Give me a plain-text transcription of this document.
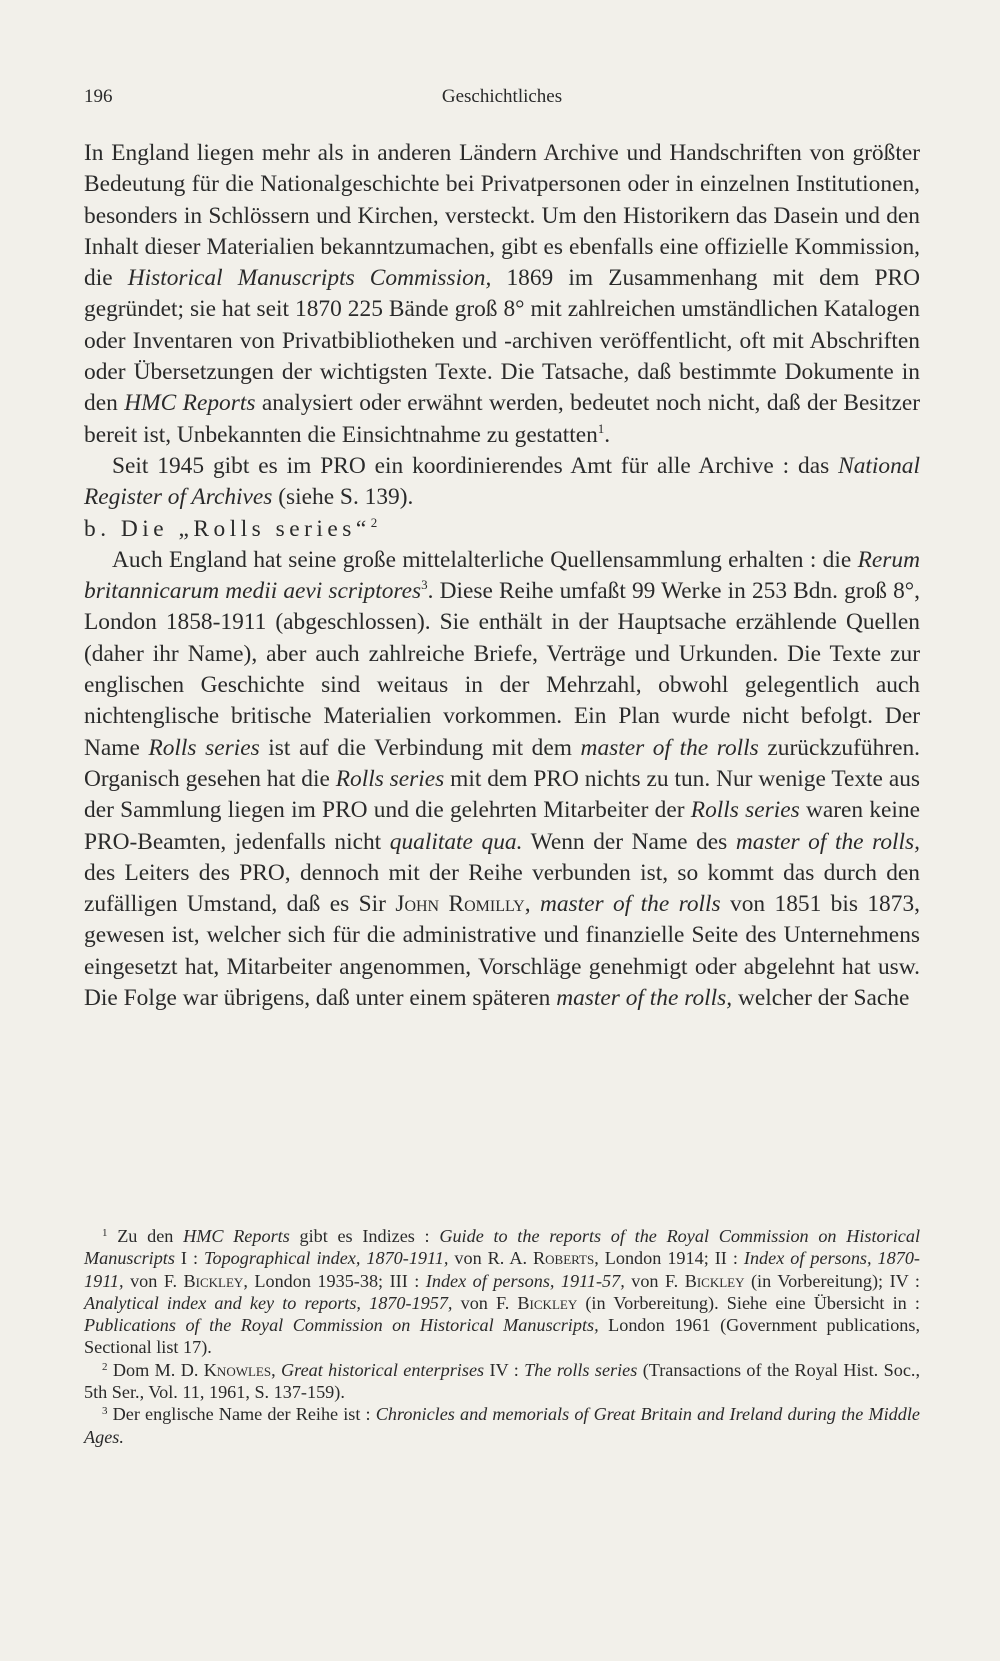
196	Geschichtliches

In England liegen mehr als in anderen Ländern Archive und Handschriften von größter Bedeutung für die Nationalgeschichte bei Privatpersonen oder in einzelnen Institutionen, besonders in Schlössern und Kirchen, versteckt. Um den Historikern das Dasein und den Inhalt dieser Materialien bekanntzumachen, gibt es ebenfalls eine offizielle Kommission, die Historical Manuscripts Commission, 1869 im Zusammenhang mit dem PRO gegründet; sie hat seit 1870 225 Bände groß 8° mit zahlreichen umständlichen Katalogen oder Inventaren von Privatbibliotheken und -archiven veröffentlicht, oft mit Abschriften oder Übersetzungen der wichtigsten Texte. Die Tatsache, daß bestimmte Dokumente in den HMC Reports analysiert oder erwähnt werden, bedeutet noch nicht, daß der Besitzer bereit ist, Unbekannten die Einsichtnahme zu gestatten$^1$.

Seit 1945 gibt es im PRO ein koordinierendes Amt für alle Archive : das National Register of Archives (siehe S. 139).

b. Die „Rolls series“$^2$

Auch England hat seine große mittelalterliche Quellensammlung erhalten : die Rerum britannicarum medii aevi scriptores$^3$. Diese Reihe umfaßt 99 Werke in 253 Bdn. groß 8°, London 1858-1911 (abgeschlossen). Sie enthält in der Hauptsache erzählende Quellen (daher ihr Name), aber auch zahlreiche Briefe, Verträge und Urkunden. Die Texte zur englischen Geschichte sind weitaus in der Mehrzahl, obwohl gelegentlich auch nichtenglische britische Materialien vorkommen. Ein Plan wurde nicht befolgt. Der Name Rolls series ist auf die Verbindung mit dem master of the rolls zurückzuführen. Organisch gesehen hat die Rolls series mit dem PRO nichts zu tun. Nur wenige Texte aus der Sammlung liegen im PRO und die gelehrten Mitarbeiter der Rolls series waren keine PRO-Beamten, jedenfalls nicht qualitate qua. Wenn der Name des master of the rolls, des Leiters des PRO, dennoch mit der Reihe verbunden ist, so kommt das durch den zufälligen Umstand, daß es Sir John Romilly, master of the rolls von 1851 bis 1873, gewesen ist, welcher sich für die administrative und finanzielle Seite des Unternehmens eingesetzt hat, Mitarbeiter angenommen, Vorschläge genehmigt oder abgelehnt hat usw. Die Folge war übrigens, daß unter einem späteren master of the rolls, welcher der Sache

$^1$ Zu den HMC Reports gibt es Indizes : Guide to the reports of the Royal Commission on Historical Manuscripts I : Topographical index, 1870-1911, von R. A. Roberts, London 1914; II : Index of persons, 1870-1911, von F. Bickley, London 1935-38; III : Index of persons, 1911-57, von F. Bickley (in Vorbereitung); IV : Analytical index and key to reports, 1870-1957, von F. Bickley (in Vorbereitung). Siehe eine Übersicht in : Publications of the Royal Commission on Historical Manuscripts, London 1961 (Government publications, Sectional list 17).

$^2$ Dom M. D. Knowles, Great historical enterprises IV : The rolls series (Transactions of the Royal Hist. Soc., 5th Ser., Vol. 11, 1961, S. 137-159).

$^3$ Der englische Name der Reihe ist : Chronicles and memorials of Great Britain and Ireland during the Middle Ages.
